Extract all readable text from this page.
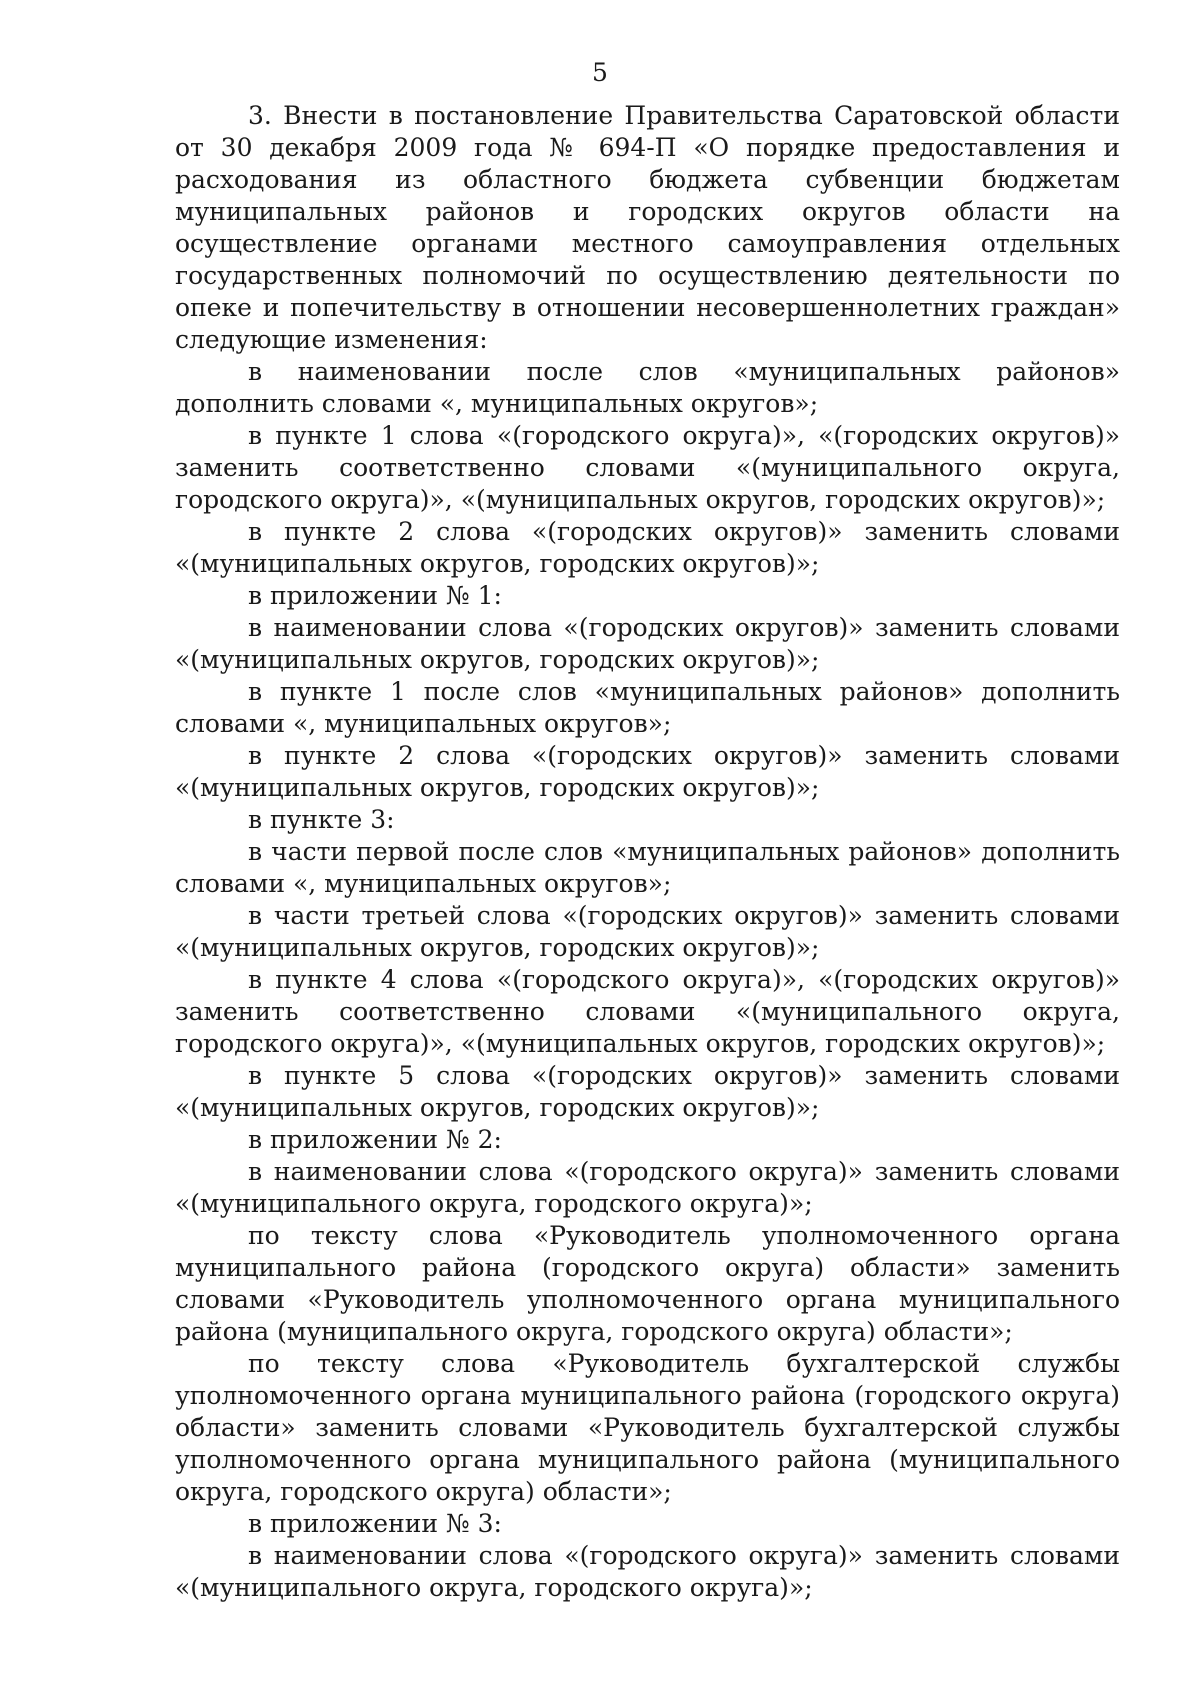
5

3. Внести в постановление Правительства Саратовской области от 30 декабря 2009 года № 694-П «О порядке предоставления и расходования из областного бюджета субвенции бюджетам муниципальных районов и городских округов области на осуществление органами местного самоуправления отдельных государственных полномочий по осуществлению деятельности по опеке и попечительству в отношении несовершеннолетних граждан» следующие изменения:

в наименовании после слов «муниципальных районов» дополнить словами «, муниципальных округов»;

в пункте 1 слова «(городского округа)», «(городских округов)» заменить соответственно словами «(муниципального округа, городского округа)», «(муниципальных округов, городских округов)»;

в пункте 2 слова «(городских округов)» заменить словами «(муниципальных округов, городских округов)»;

в приложении № 1:

в наименовании слова «(городских округов)» заменить словами «(муниципальных округов, городских округов)»;

в пункте 1 после слов «муниципальных районов» дополнить словами «, муниципальных округов»;

в пункте 2 слова «(городских округов)» заменить словами «(муниципальных округов, городских округов)»;

в пункте 3:

в части первой после слов «муниципальных районов» дополнить словами «, муниципальных округов»;

в части третьей слова «(городских округов)» заменить словами «(муниципальных округов, городских округов)»;

в пункте 4 слова «(городского округа)», «(городских округов)» заменить соответственно словами «(муниципального округа, городского округа)», «(муниципальных округов, городских округов)»;

в пункте 5 слова «(городских округов)» заменить словами «(муниципальных округов, городских округов)»;

в приложении № 2:

в наименовании слова «(городского округа)» заменить словами «(муниципального округа, городского округа)»;

по тексту слова «Руководитель уполномоченного органа муниципального района (городского округа) области» заменить словами «Руководитель уполномоченного органа муниципального района (муниципального округа, городского округа) области»;

по тексту слова «Руководитель бухгалтерской службы уполномоченного органа муниципального района (городского округа) области» заменить словами «Руководитель бухгалтерской службы уполномоченного органа муниципального района (муниципального округа, городского округа) области»;

в приложении № 3:

в наименовании слова «(городского округа)» заменить словами «(муниципального округа, городского округа)»;
